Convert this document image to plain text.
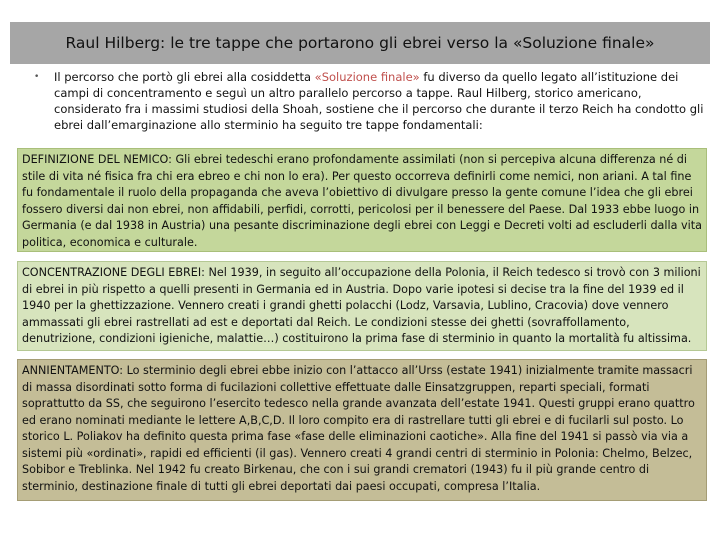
Raul Hilberg: le tre tappe che portarono gli ebrei verso la «Soluzione finale»
•	Il percorso che portò gli ebrei alla cosiddetta «Soluzione finale» fu diverso da quello legato all’istituzione dei campi di concentramento e seguì un altro parallelo percorso a tappe. Raul Hilberg, storico americano, considerato fra i massimi studiosi della Shoah, sostiene che il percorso che durante il terzo Reich ha condotto gli ebrei dall’emarginazione allo sterminio ha seguito tre tappe fondamentali:

DEFINIZIONE DEL NEMICO: Gli ebrei tedeschi erano profondamente assimilati (non si percepiva alcuna differenza né di stile di vita né fisica fra chi era ebreo e chi non lo era). Per questo occorreva definirli come nemici, non ariani. A tal fine fu fondamentale il ruolo della propaganda che aveva l’obiettivo di divulgare presso la gente comune l’idea che gli ebrei fossero diversi dai non ebrei, non affidabili, perfidi, corrotti, pericolosi per il benessere del Paese. Dal 1933 ebbe luogo in Germania (e dal 1938 in Austria) una pesante discriminazione degli ebrei con Leggi e Decreti volti ad escluderli dalla vita politica, economica e culturale.

CONCENTRAZIONE DEGLI EBREI: Nel 1939, in seguito all’occupazione della Polonia, il Reich tedesco si trovò con 3 milioni di ebrei in più rispetto a quelli presenti in Germania ed in Austria. Dopo varie ipotesi si decise tra la fine del 1939 ed il 1940 per la ghettizzazione. Vennero creati i grandi ghetti polacchi (Lodz, Varsavia, Lublino, Cracovia) dove vennero ammassati gli ebrei rastrellati ad est e deportati dal Reich. Le condizioni stesse dei ghetti (sovraffollamento, denutrizione, condizioni igieniche, malattie…) costituirono la prima fase di sterminio in quanto la mortalità fu altissima.

ANNIENTAMENTO: Lo sterminio degli ebrei ebbe inizio con l’attacco all’Urss (estate 1941) inizialmente tramite massacri di massa disordinati sotto forma di fucilazioni collettive effettuate dalle Einsatzgruppen, reparti speciali, formati soprattutto da SS, che seguirono l’esercito tedesco nella grande avanzata dell’estate 1941. Questi gruppi erano quattro ed erano nominati mediante le lettere A,B,C,D. Il loro compito era di rastrellare tutti gli ebrei e di fucilarli sul posto. Lo storico L. Poliakov ha definito questa prima fase «fase delle eliminazioni caotiche». Alla fine del 1941 si passò via via a sistemi più «ordinati», rapidi ed efficienti (il gas). Vennero creati 4 grandi centri di sterminio in Polonia: Chelmo, Belzec, Sobibor e Treblinka. Nel 1942 fu creato Birkenau, che con i sui grandi crematori (1943) fu il più grande centro di sterminio, destinazione finale di tutti gli ebrei deportati dai paesi occupati, compresa l’Italia.
